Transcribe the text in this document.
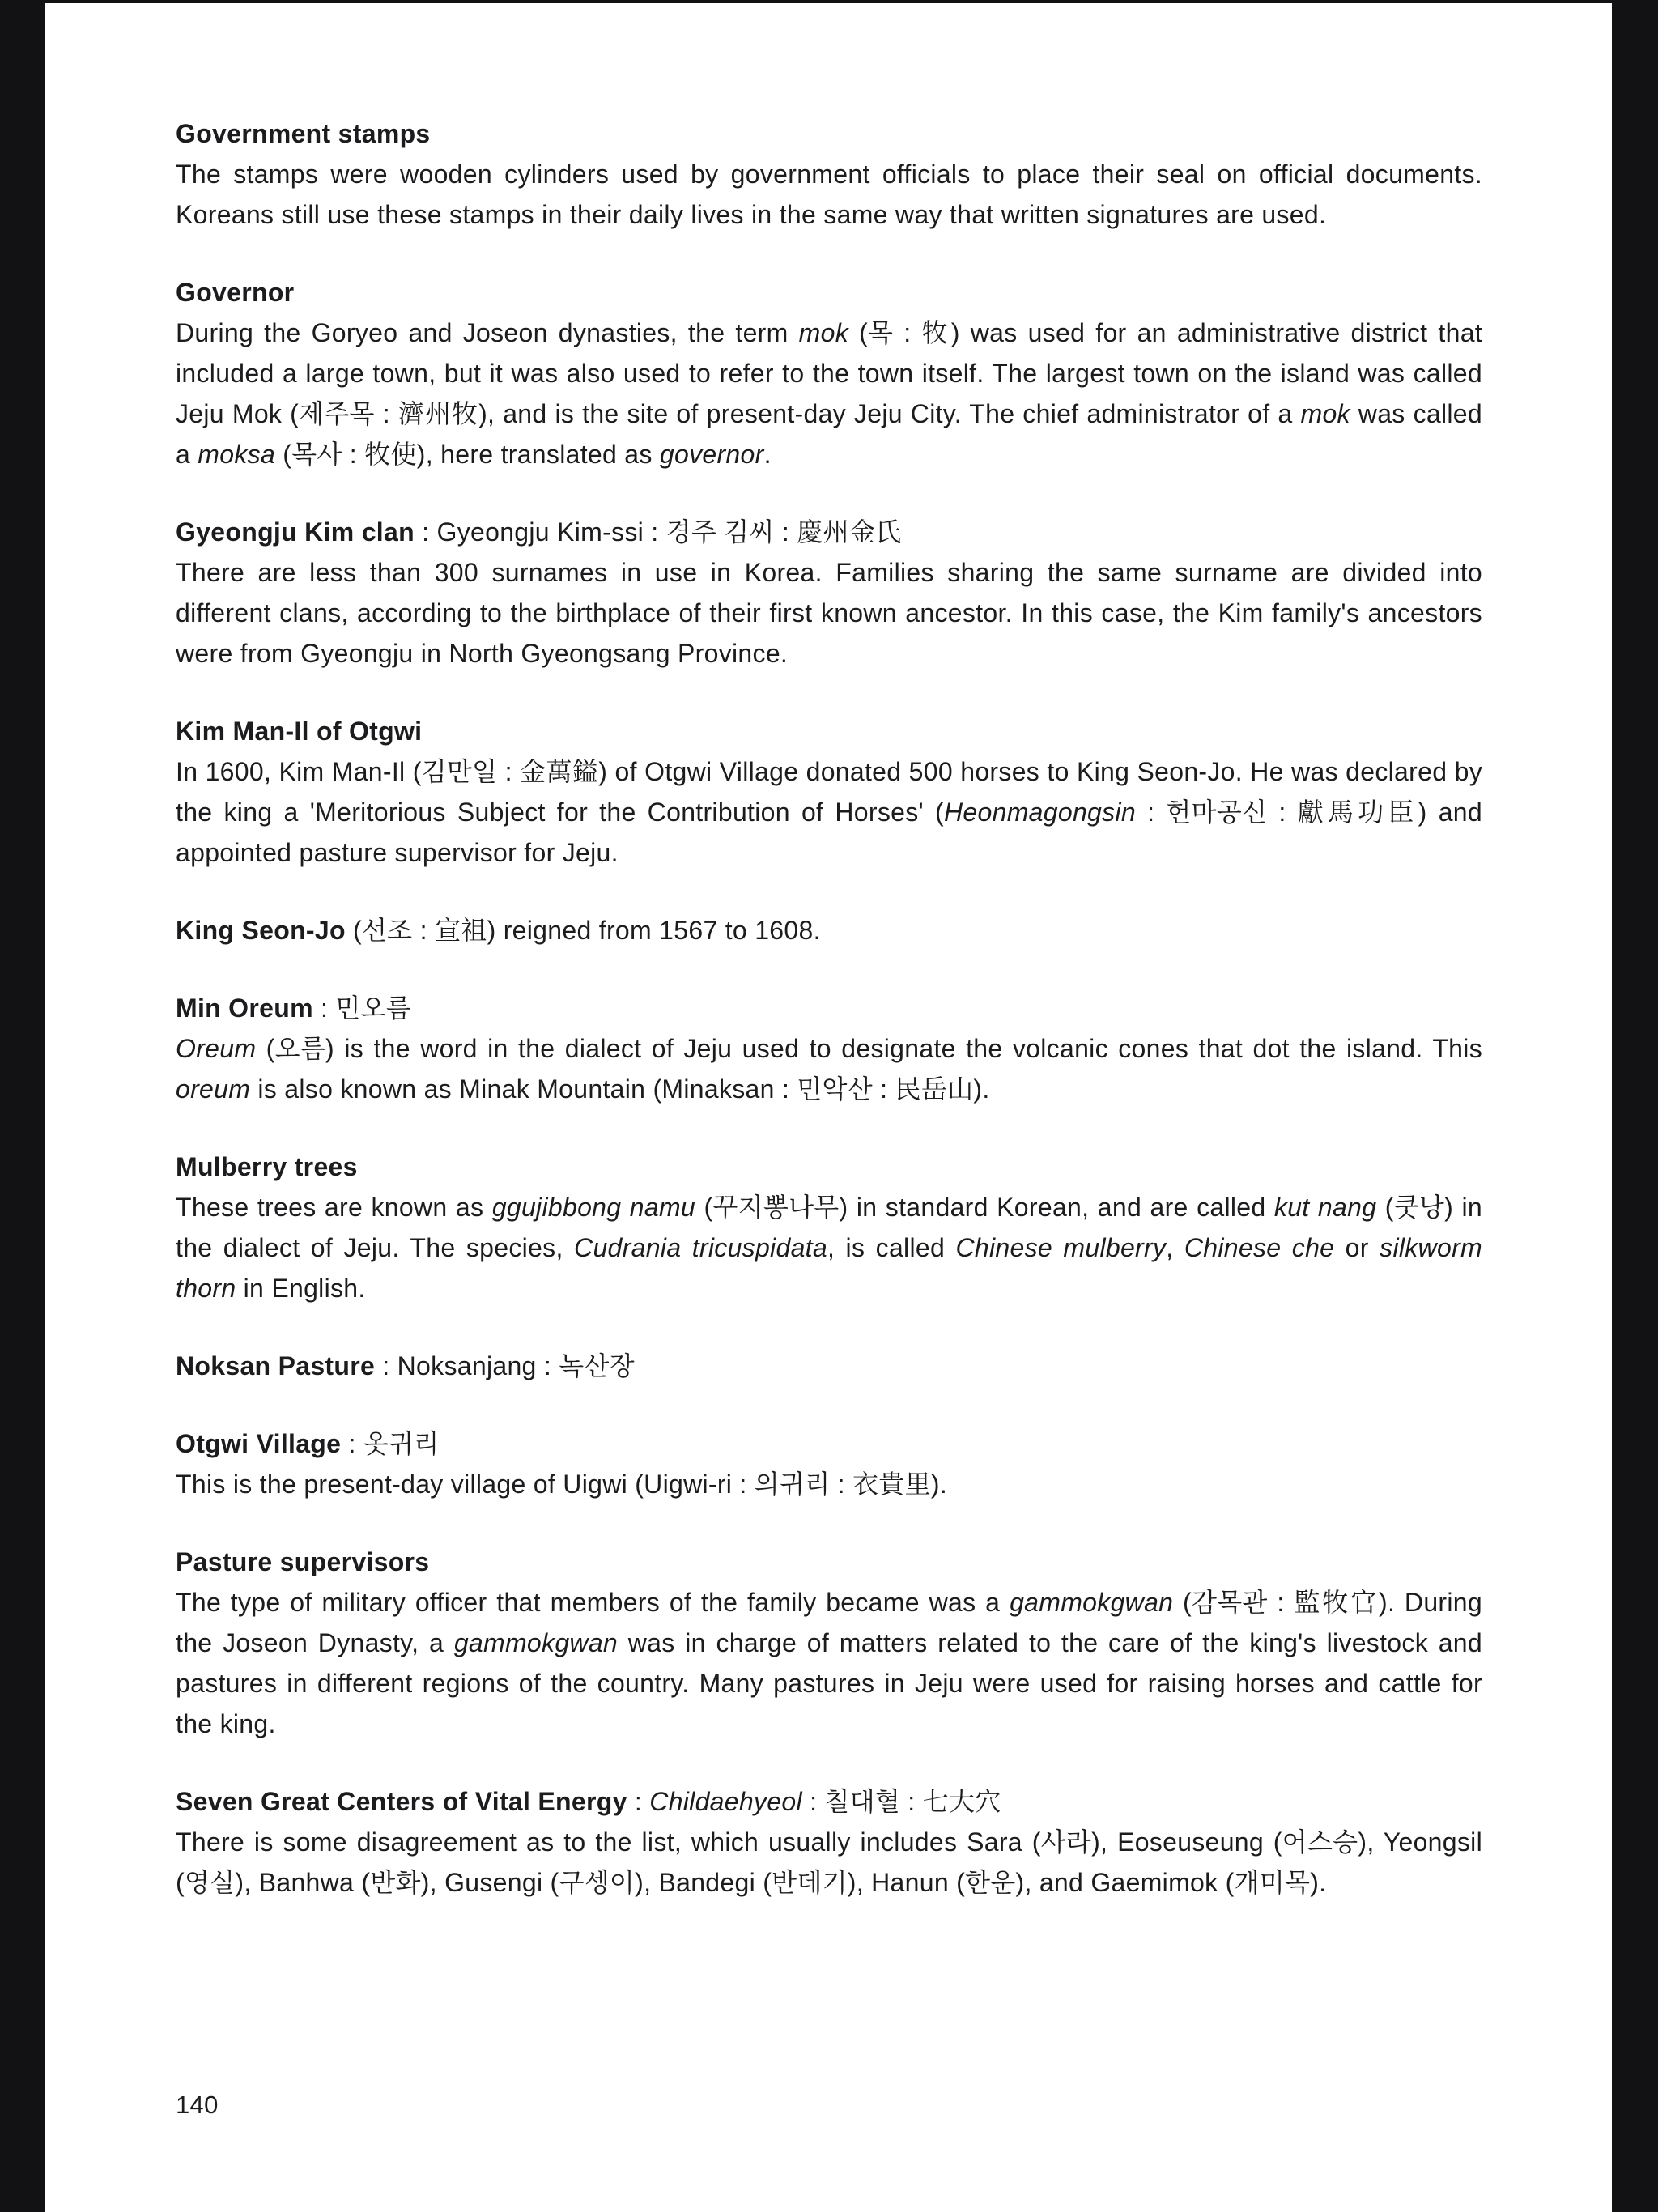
Government stamps

The stamps were wooden cylinders used by government officials to place their seal on official documents. Koreans still use these stamps in their daily lives in the same way that written signatures are used.

Governor

During the Goryeo and Joseon dynasties, the term mok (목 : 牧) was used for an administrative district that included a large town, but it was also used to refer to the town itself. The largest town on the island was called Jeju Mok (제주목 : 濟州牧), and is the site of present-day Jeju City. The chief administrator of a mok was called a moksa (목사 : 牧使), here translated as governor.

Gyeongju Kim clan : Gyeongju Kim-ssi : 경주 김씨 : 慶州金氏

There are less than 300 surnames in use in Korea. Families sharing the same surname are divided into different clans, according to the birthplace of their first known ancestor. In this case, the Kim family's ancestors were from Gyeongju in North Gyeongsang Province.

Kim Man-Il of Otgwi

In 1600, Kim Man-Il (김만일 : 金萬鎰) of Otgwi Village donated 500 horses to King Seon-Jo. He was declared by the king a 'Meritorious Subject for the Contribution of Horses' (Heonmagongsin : 헌마공신 : 獻馬功臣) and appointed pasture supervisor for Jeju.

King Seon-Jo (선조 : 宣祖) reigned from 1567 to 1608.
Min Oreum : 민오름

Oreum (오름) is the word in the dialect of Jeju used to designate the volcanic cones that dot the island. This oreum is also known as Minak Mountain (Minaksan : 민악산 : 民岳山).

Mulberry trees

These trees are known as ggujibbong namu (꾸지뽕나무) in standard Korean, and are called kut nang (쿳낭) in the dialect of Jeju. The species, Cudrania tricuspidata, is called Chinese mulberry, Chinese che or silkworm thorn in English.

Noksan Pasture : Noksanjang : 녹산장
Otgwi Village : 옷귀리

This is the present-day village of Uigwi (Uigwi-ri : 의귀리 : 衣貴里).

Pasture supervisors

The type of military officer that members of the family became was a gammokgwan (감목관 : 監牧官). During the Joseon Dynasty, a gammokgwan was in charge of matters related to the care of the king's livestock and pastures in different regions of the country. Many pastures in Jeju were used for raising horses and cattle for the king.

Seven Great Centers of Vital Energy : Childaehyeol : 칠대혈 : 七大穴

There is some disagreement as to the list, which usually includes Sara (사라), Eoseuseung (어스승), Yeongsil (영실), Banhwa (반화), Gusengi (구셍이), Bandegi (반데기), Hanun (한운), and Gaemimok (개미목).

140
